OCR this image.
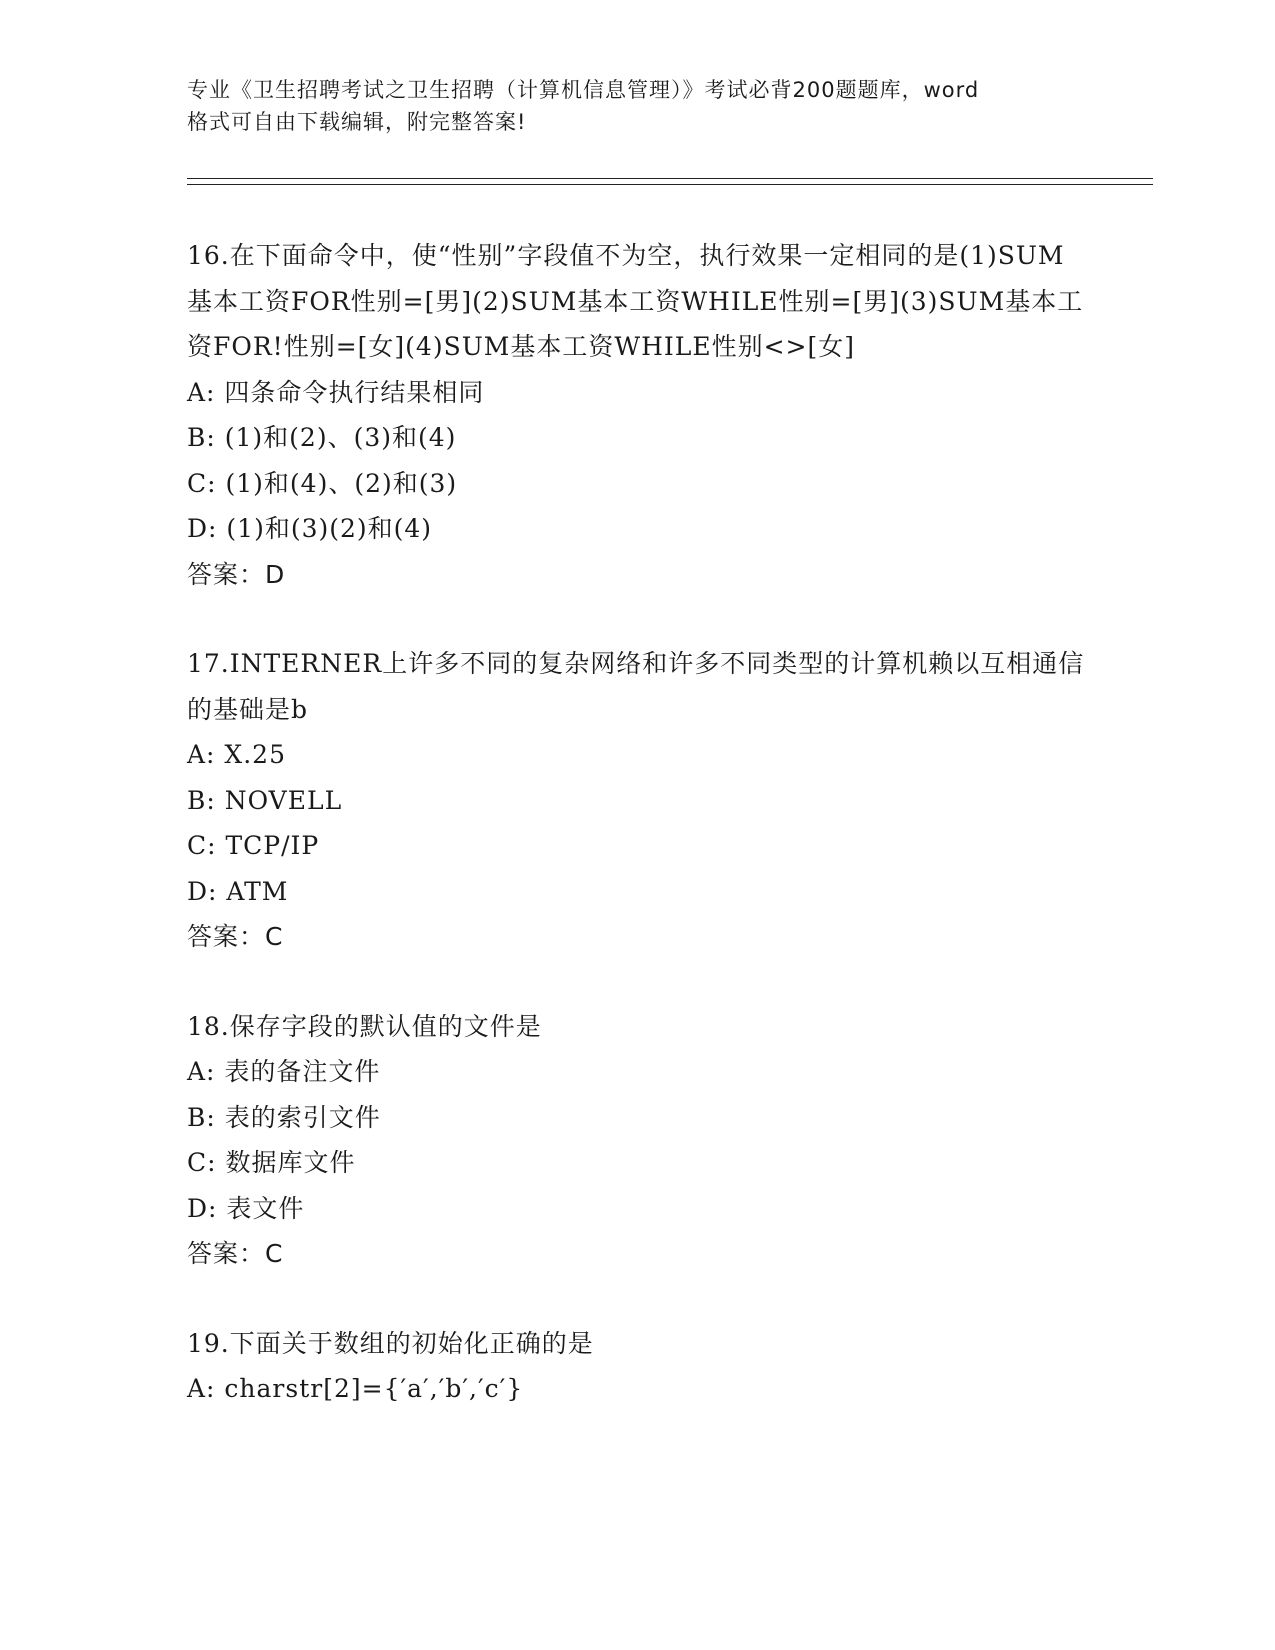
专业《卫生招聘考试之卫生招聘（计算机信息管理）》考试必背200题题库，word
格式可自由下载编辑，附完整答案!
16.在下面命令中，使“性别”字段值不为空，执行效果一定相同的是(1)SUM基本工资FOR性别=[男](2)SUM基本工资WHILE性别=[男](3)SUM基本工资FOR!性别=[女](4)SUM基本工资WHILE性别<>[女]
A: 四条命令执行结果相同
B: (1)和(2)、(3)和(4)
C: (1)和(4)、(2)和(3)
D: (1)和(3)(2)和(4)
答案：D
17.INTERNER上许多不同的复杂网络和许多不同类型的计算机赖以互相通信的基础是b
A: X.25
B: NOVELL
C: TCP/IP
D: ATM
答案：C
18.保存字段的默认值的文件是
A: 表的备注文件
B: 表的索引文件
C: 数据库文件
D: 表文件
答案：C
19.下面关于数组的初始化正确的是
A: charstr[2]={′a′,′b′,′c′}
